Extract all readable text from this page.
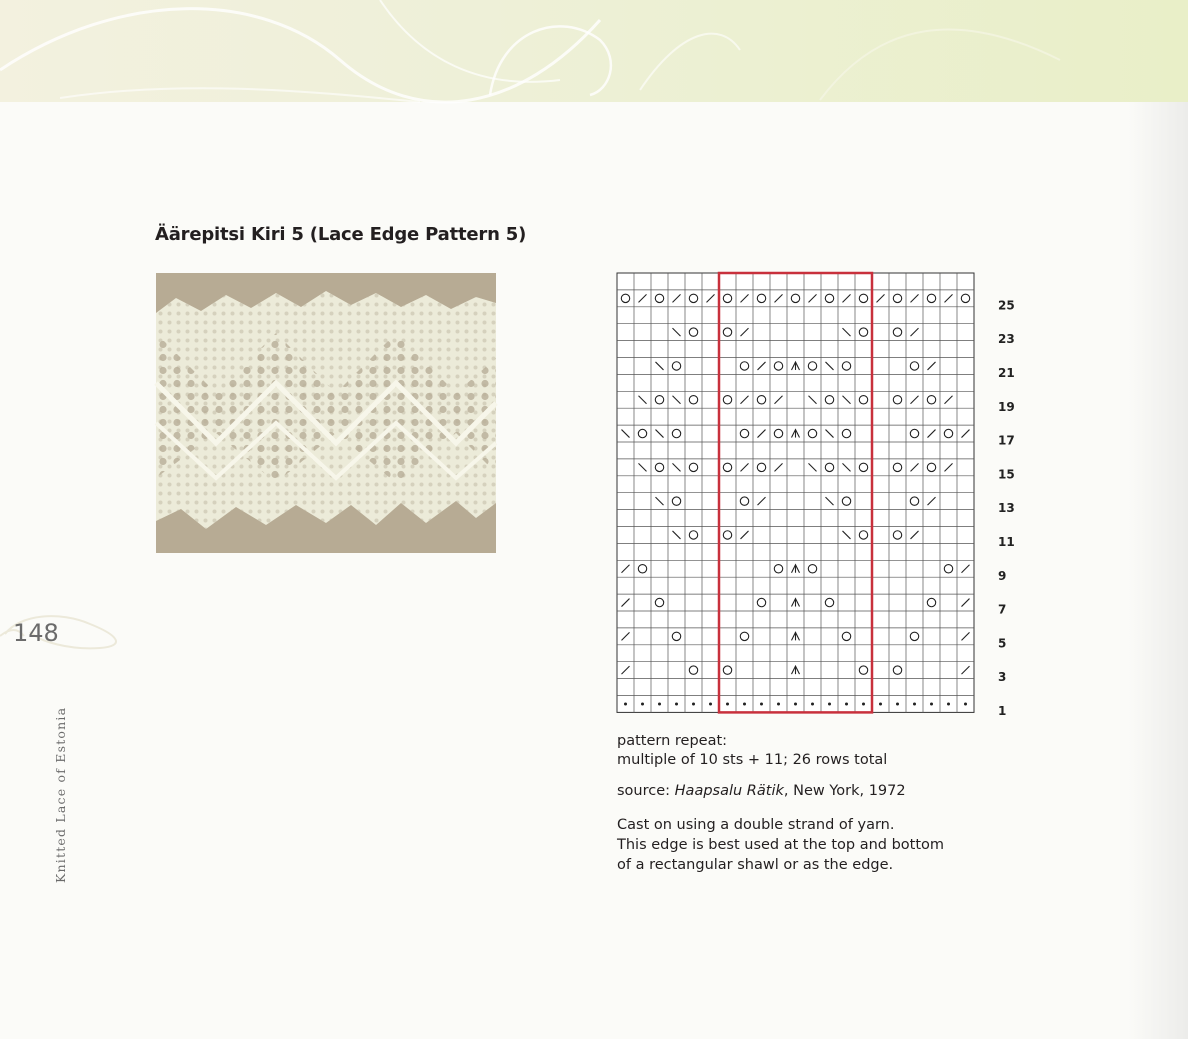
Äärepitsi Kiri 5 (Lace Edge Pattern 5)
148
Knitted Lace of Estonia
25
23
21
19
17
15
13
11
9
7
5
3
1
pattern repeat:
multiple of 10 sts + 11; 26 rows total
source: Haapsalu Rätik, New York, 1972
Cast on using a double strand of yarn.
This edge is best used at the top and bottom
of a rectangular shawl or as the edge.
